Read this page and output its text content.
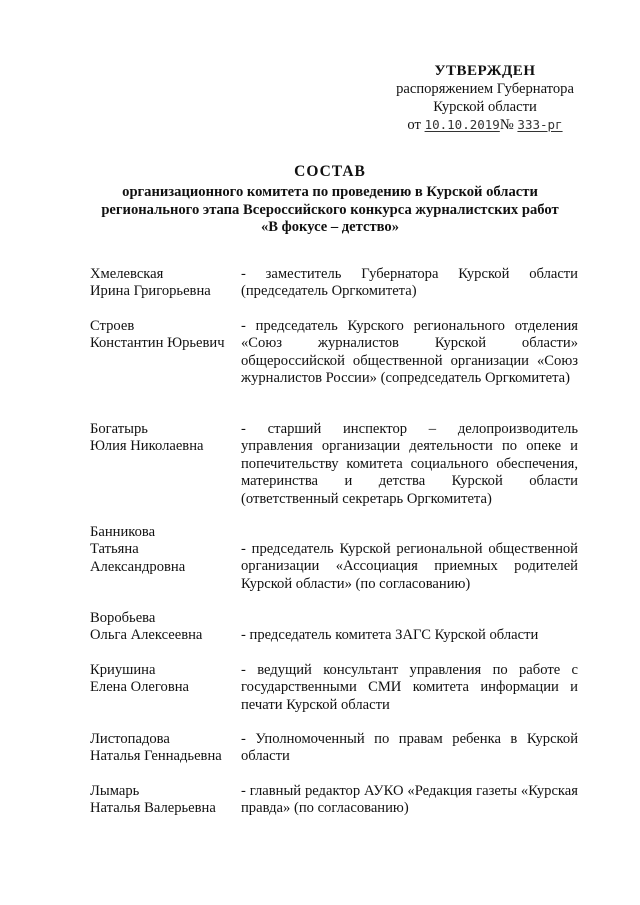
УТВЕРЖДЕН
распоряжением Губернатора
Курской области
от 10.10.2019№ 333-рг
СОСТАВ
организационного комитета по проведению в Курской области
регионального этапа Всероссийского конкурса журналистских работ
«В фокусе – детство»
Хмелевская
Ирина Григорьевна
- заместитель Губернатора Курской области (председатель Оргкомитета)
Строев
Константин Юрьевич
- председатель Курского регионального отделения «Союз журналистов Курской области» общероссийской общественной организации «Союз журналистов России» (сопредседатель Оргкомитета)
Богатырь
Юлия Николаевна
- старший инспектор – делопроизводитель управления организации деятельности по опеке и попечительству комитета социального обеспечения, материнства и детства Курской области (ответственный секретарь Оргкомитета)
Банникова
Татьяна
Александровна
- председатель Курской региональной общественной организации «Ассоциация приемных родителей Курской области» (по согласованию)
Воробьева
Ольга Алексеевна	- председатель комитета ЗАГС Курской области
Криушина
Елена Олеговна
- ведущий консультант управления по работе с государственными СМИ комитета информации и печати Курской области
Листопадова
Наталья Геннадьевна
- Уполномоченный по правам ребенка в Курской области
Лымарь
Наталья Валерьевна
- главный редактор АУКО «Редакция газеты «Курская правда» (по согласованию)
